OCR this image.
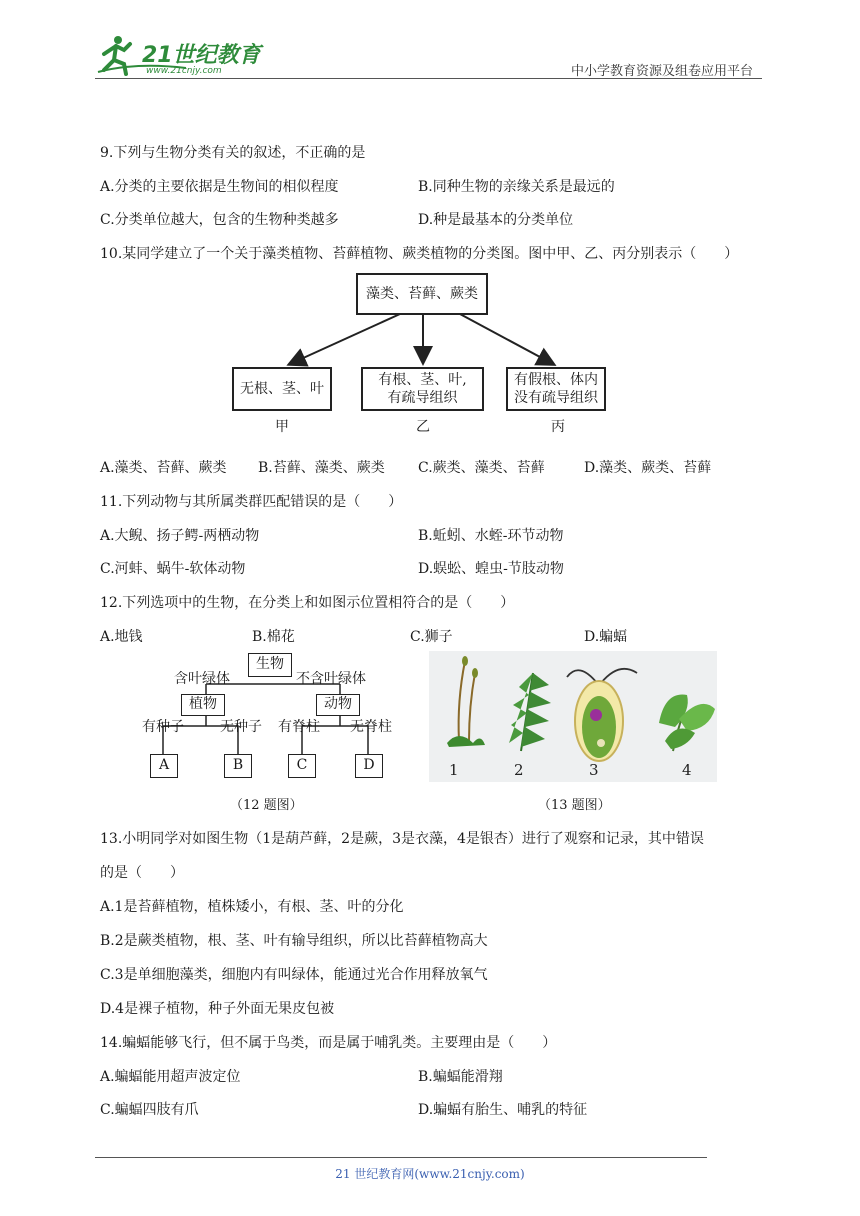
21世纪教育
www.21cnjy.com	中小学教育资源及组卷应用平台
9.下列与生物分类有关的叙述，不正确的是
A.分类的主要依据是生物间的相似程度	B.同种生物的亲缘关系是最远的
C.分类单位越大，包含的生物种类越多	D.种是最基本的分类单位
10.某同学建立了一个关于藻类植物、苔藓植物、蕨类植物的分类图。图中甲、乙、丙分别表示（　　）
藻类、苔藓、蕨类
无根、茎、叶
有根、茎、叶,
有疏导组织
有假根、体内
没有疏导组织
甲	乙	丙
A.藻类、苔藓、蕨类 B.苔藓、藻类、蕨类 C.蕨类、藻类、苔藓	D.藻类、蕨类、苔藓
11.下列动物与其所属类群匹配错误的是（　　）
A.大鲵、扬子鳄-两栖动物	B.蚯蚓、水蛭-环节动物
C.河蚌、蜗牛-软体动物	D.蜈蚣、蝗虫-节肢动物
12.下列选项中的生物，在分类上和如图示位置相符合的是（　　）
A.地钱	B.棉花	C.狮子	D.蝙蝠
生物
含叶绿体	不含叶绿体
植物	动物
有种子	无种子 有脊柱 无脊柱
A	B	C	D
（12 题图）
1	2	3	4
（13 题图）
13.小明同学对如图生物（1是葫芦藓，2是蕨，3是衣藻，4是银杏）进行了观察和记录，其中错误
的是（　　）
A.1是苔藓植物，植株矮小，有根、茎、叶的分化
B.2是蕨类植物，根、茎、叶有输导组织，所以比苔藓植物高大
C.3是单细胞藻类，细胞内有叫绿体，能通过光合作用释放氧气
D.4是裸子植物，种子外面无果皮包被
14.蝙蝠能够飞行，但不属于鸟类，而是属于哺乳类。主要理由是（　　）
A.蝙蝠能用超声波定位	B.蝙蝠能滑翔
C.蝙蝠四肢有爪	D.蝙蝠有胎生、哺乳的特征
21 世纪教育网(www.21cnjy.com)
